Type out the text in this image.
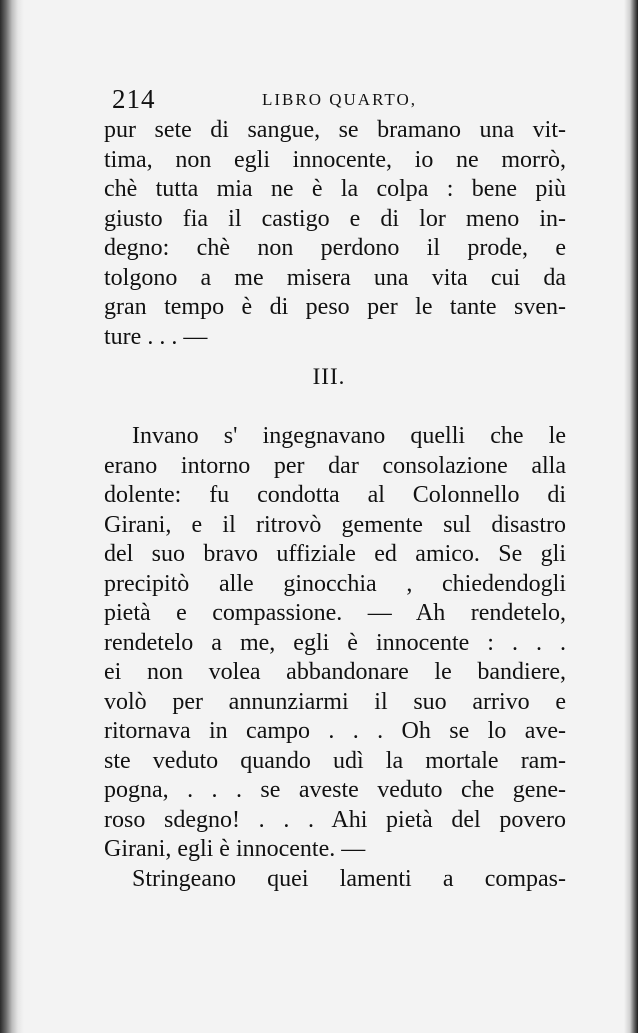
214	LIBRO QUARTO,
pur sete di sangue, se bramano una vit-
tima, non egli innocente, io ne morrò,
chè tutta mia ne è la colpa : bene più
giusto fia il castigo e di lor meno in-
degno: chè non perdono il prode, e
tolgono a me misera una vita cui da
gran tempo è di peso per le tante sven-
ture . . . —
III.
Invano s' ingegnavano quelli che le
erano intorno per dar consolazione alla
dolente: fu condotta al Colonnello di
Girani, e il ritrovò gemente sul disastro
del suo bravo uffiziale ed amico. Se gli
precipitò alle ginocchia , chiedendogli
pietà e compassione. — Ah rendetelo,
rendetelo a me, egli è innocente : . . .
ei non volea abbandonare le bandiere,
volò per annunziarmi il suo arrivo e
ritornava in campo . . . Oh se lo ave-
ste veduto quando udì la mortale ram-
pogna, . . . se aveste veduto che gene-
roso sdegno! . . . Ahi pietà del povero
Girani, egli è innocente. —
Stringeano quei lamenti a compas-
